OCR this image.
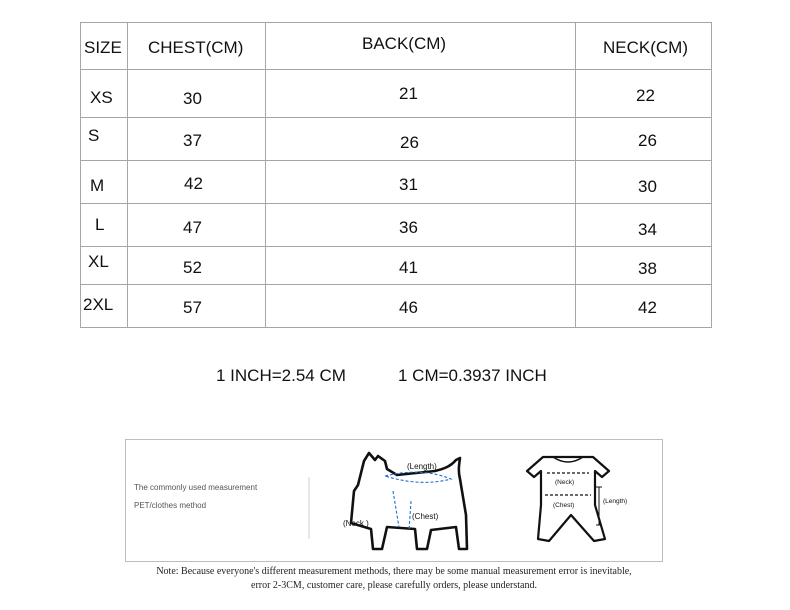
SIZE CHEST(CM)	BACK(CM)	NECK(CM)
XS	30	21	22
S	37	26	26
M	42	31	30
L	47	36	34
XL	52	41	38
2XL	57	46	42
1 INCH=2.54 CM	1 CM=0.3937 INCH
The commonly used measurement
PET/clothes method
(Length)
(Neck )
(Chest)
(Neck)
(Chest)
(Length)
Note: Because everyone's different measurement methods, there may be some manual measurement error is inevitable,
error 2-3CM, customer care, please carefully orders, please understand.
